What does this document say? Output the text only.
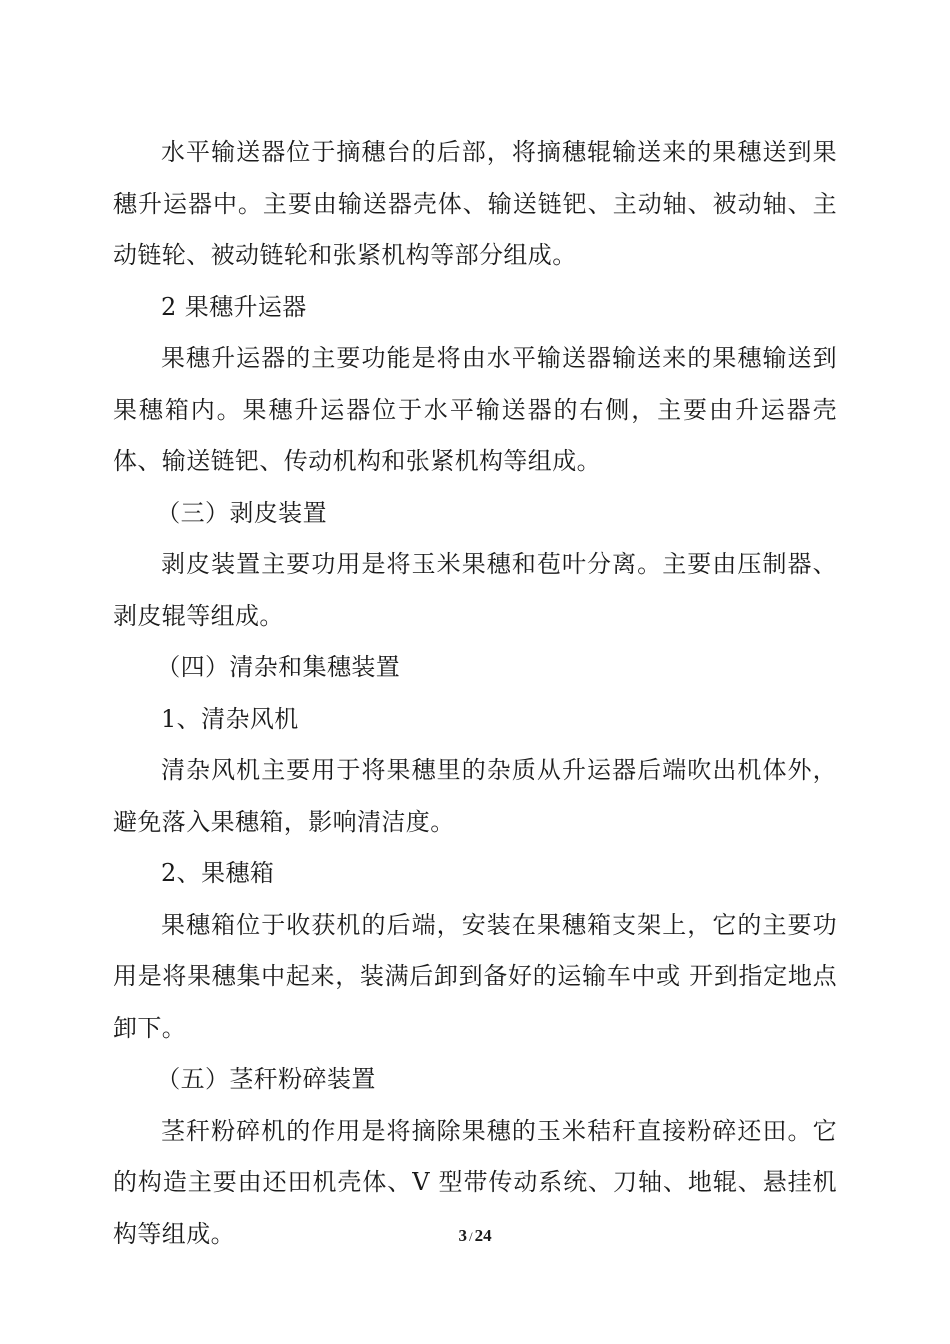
水平输送器位于摘穗台的后部，将摘穗辊输送来的果穗送到果穗升运器中。主要由输送器壳体、输送链钯、主动轴、被动轴、主动链轮、被动链轮和张紧机构等部分组成。

2 果穗升运器

果穗升运器的主要功能是将由水平输送器输送来的果穗输送到果穗箱内。果穗升运器位于水平输送器的右侧，主要由升运器壳体、输送链钯、传动机构和张紧机构等组成。

（三）剥皮装置

剥皮装置主要功用是将玉米果穗和苞叶分离。主要由压制器、剥皮辊等组成。

（四）清杂和集穗装置

1、清杂风机

清杂风机主要用于将果穗里的杂质从升运器后端吹出机体外，避免落入果穗箱，影响清洁度。

2、果穗箱

果穗箱位于收获机的后端，安装在果穗箱支架上，它的主要功用是将果穗集中起来，装满后卸到备好的运输车中或 开到指定地点卸下。

（五）茎秆粉碎装置

茎秆粉碎机的作用是将摘除果穗的玉米秸秆直接粉碎还田。它的构造主要由还田机壳体、V 型带传动系统、刀轴、地辊、悬挂机构等组成。	3 / 24
